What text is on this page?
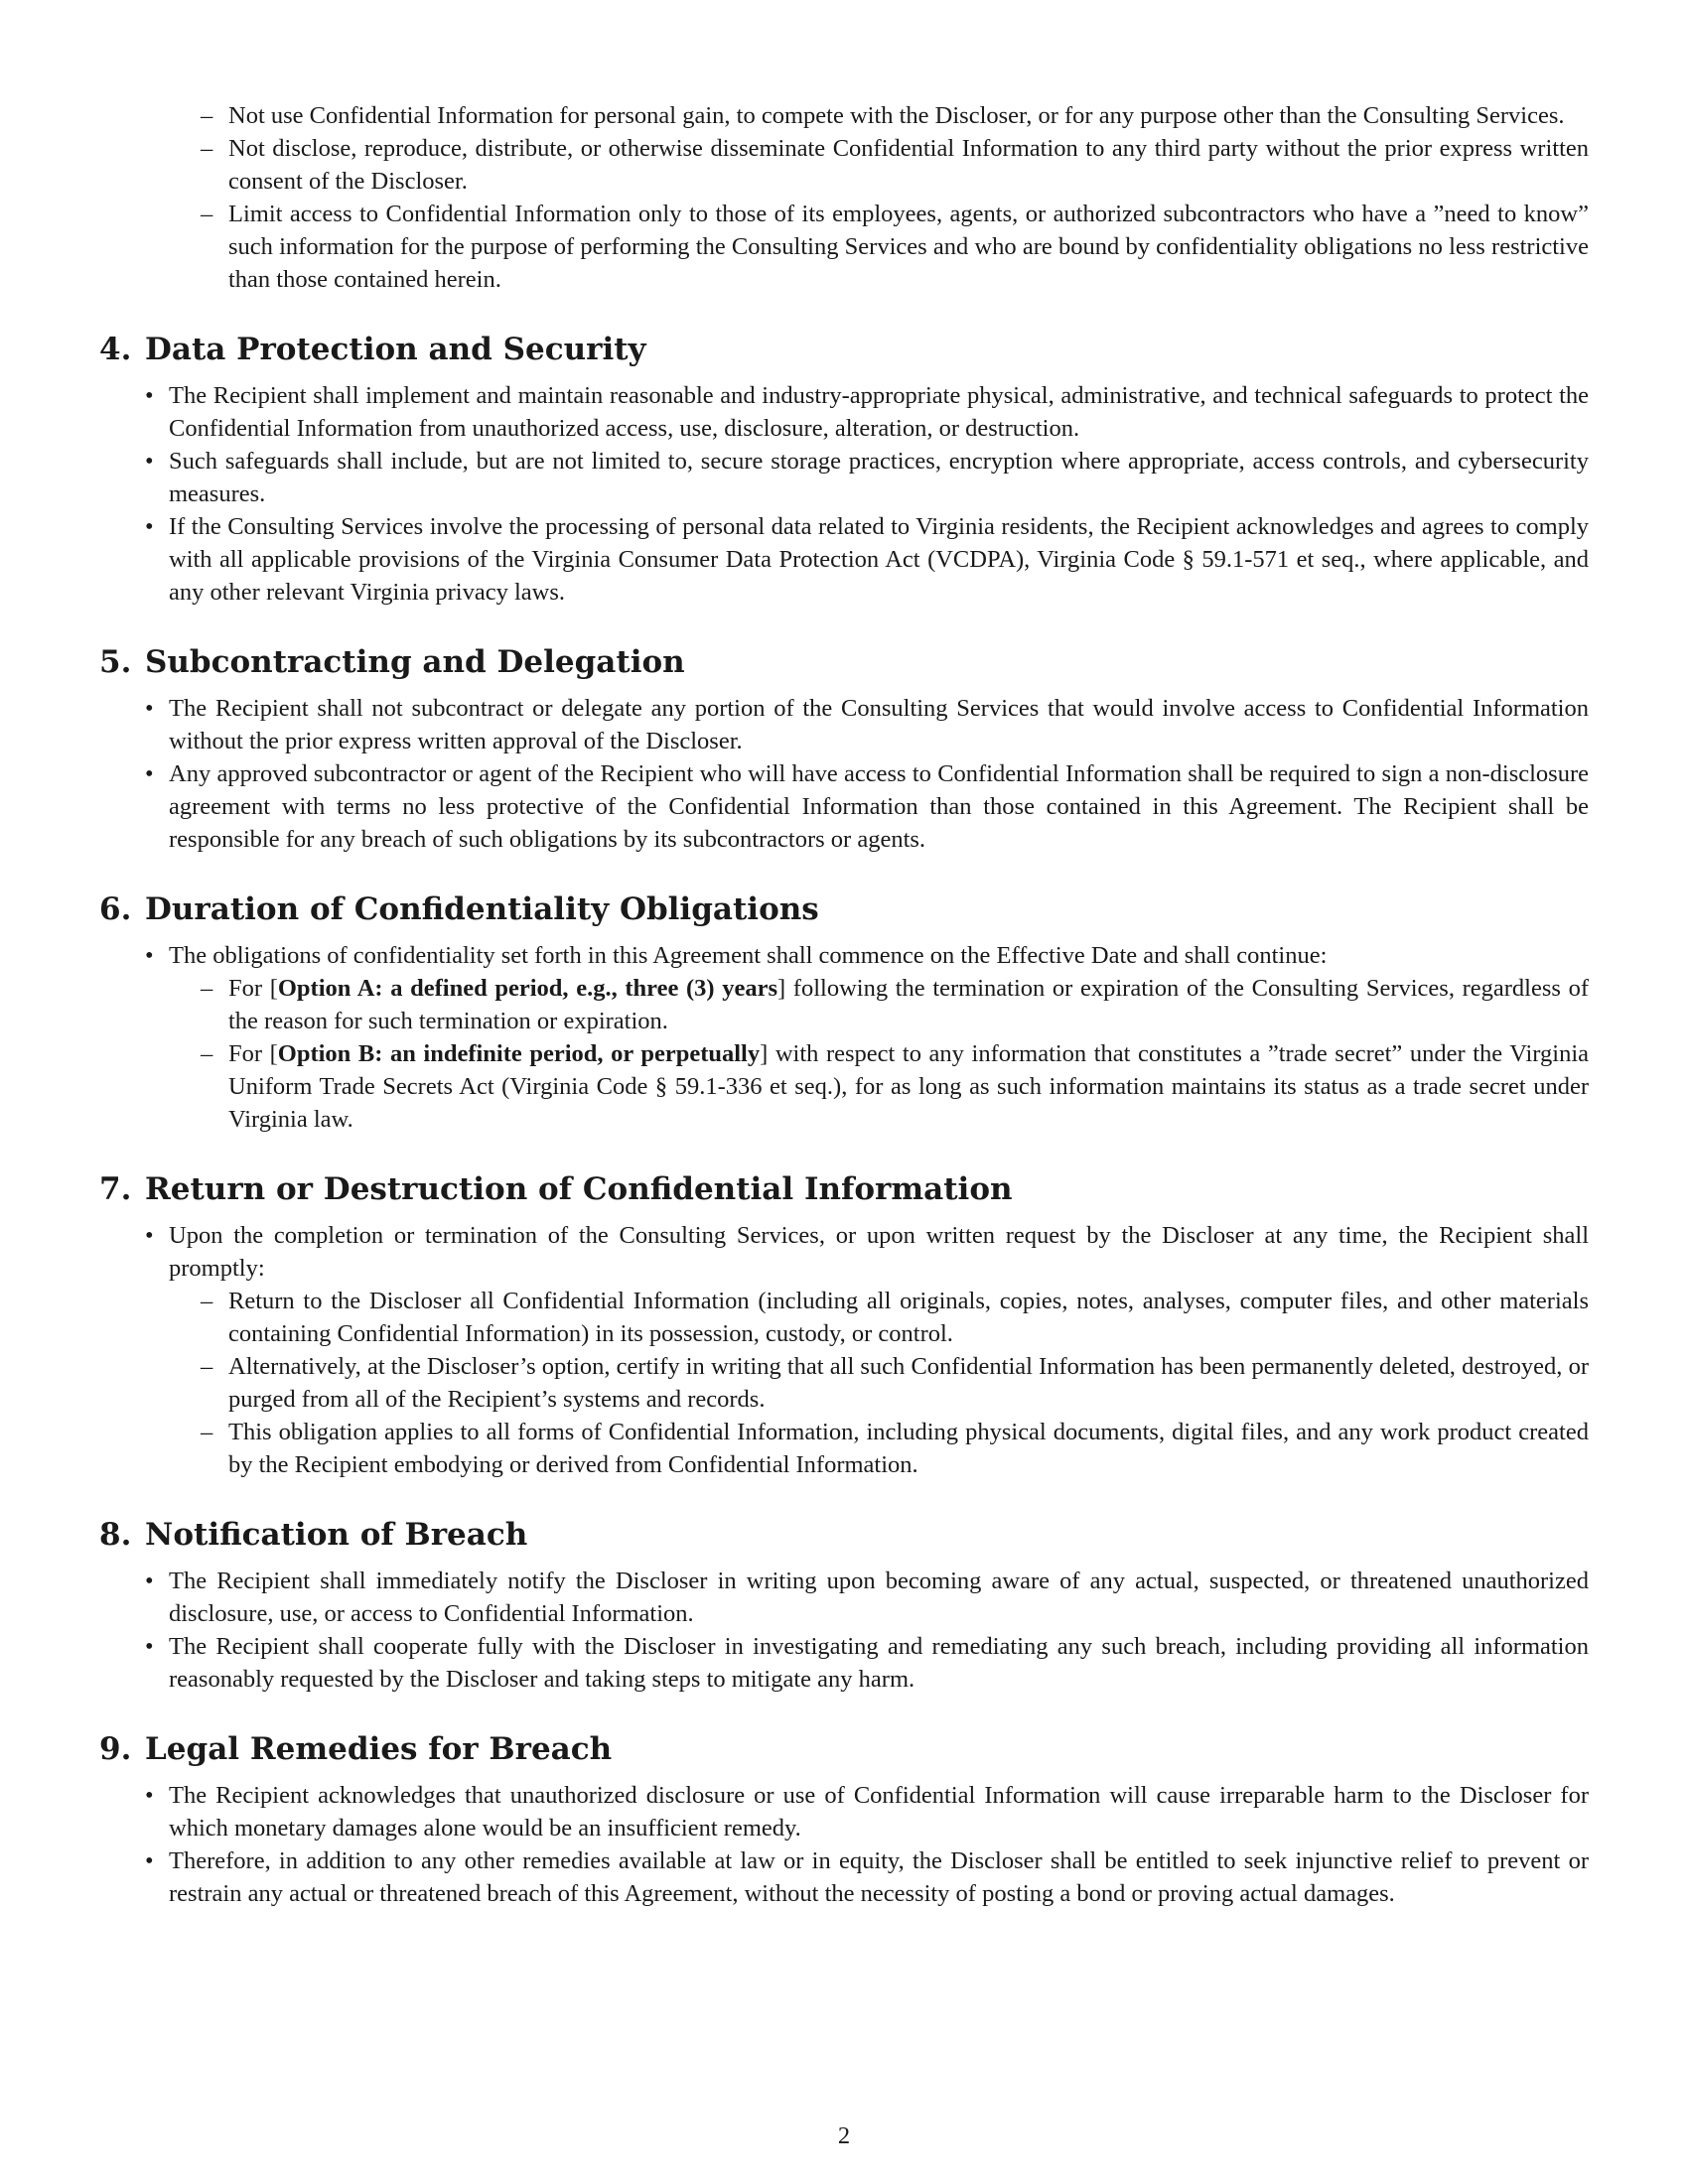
– Not use Confidential Information for personal gain, to compete with the Discloser, or for any purpose other than the Consulting Services.
– Not disclose, reproduce, distribute, or otherwise disseminate Confidential Information to any third party without the prior express written consent of the Discloser.
– Limit access to Confidential Information only to those of its employees, agents, or authorized subcontractors who have a ”need to know” such information for the purpose of performing the Consulting Services and who are bound by confidentiality obligations no less restrictive than those contained herein.
4. Data Protection and Security
• The Recipient shall implement and maintain reasonable and industry-appropriate physical, administrative, and technical safeguards to protect the Confidential Information from unauthorized access, use, disclosure, alteration, or destruction.
• Such safeguards shall include, but are not limited to, secure storage practices, encryption where appropriate, access controls, and cybersecurity measures.
• If the Consulting Services involve the processing of personal data related to Virginia residents, the Recipient acknowledges and agrees to comply with all applicable provisions of the Virginia Consumer Data Protection Act (VCDPA), Virginia Code § 59.1-571 et seq., where applicable, and any other relevant Virginia privacy laws.
5. Subcontracting and Delegation
• The Recipient shall not subcontract or delegate any portion of the Consulting Services that would involve access to Confidential Information without the prior express written approval of the Discloser.
• Any approved subcontractor or agent of the Recipient who will have access to Confidential Information shall be required to sign a non-disclosure agreement with terms no less protective of the Confidential Information than those contained in this Agreement. The Recipient shall be responsible for any breach of such obligations by its subcontractors or agents.
6. Duration of Confidentiality Obligations
• The obligations of confidentiality set forth in this Agreement shall commence on the Effective Date and shall continue:
– For [Option A: a defined period, e.g., three (3) years] following the termination or expiration of the Consulting Services, regardless of the reason for such termination or expiration.
– For [Option B: an indefinite period, or perpetually] with respect to any information that constitutes a ”trade secret” under the Virginia Uniform Trade Secrets Act (Virginia Code § 59.1-336 et seq.), for as long as such information maintains its status as a trade secret under Virginia law.
7. Return or Destruction of Confidential Information
• Upon the completion or termination of the Consulting Services, or upon written request by the Discloser at any time, the Recipient shall promptly:
– Return to the Discloser all Confidential Information (including all originals, copies, notes, analyses, computer files, and other materials containing Confidential Information) in its possession, custody, or control.
– Alternatively, at the Discloser’s option, certify in writing that all such Confidential Information has been permanently deleted, destroyed, or purged from all of the Recipient’s systems and records.
– This obligation applies to all forms of Confidential Information, including physical documents, digital files, and any work product created by the Recipient embodying or derived from Confidential Information.
8. Notification of Breach
• The Recipient shall immediately notify the Discloser in writing upon becoming aware of any actual, suspected, or threatened unauthorized disclosure, use, or access to Confidential Information.
• The Recipient shall cooperate fully with the Discloser in investigating and remediating any such breach, including providing all information reasonably requested by the Discloser and taking steps to mitigate any harm.
9. Legal Remedies for Breach
• The Recipient acknowledges that unauthorized disclosure or use of Confidential Information will cause irreparable harm to the Discloser for which monetary damages alone would be an insufficient remedy.
• Therefore, in addition to any other remedies available at law or in equity, the Discloser shall be entitled to seek injunctive relief to prevent or restrain any actual or threatened breach of this Agreement, without the necessity of posting a bond or proving actual damages.
2
